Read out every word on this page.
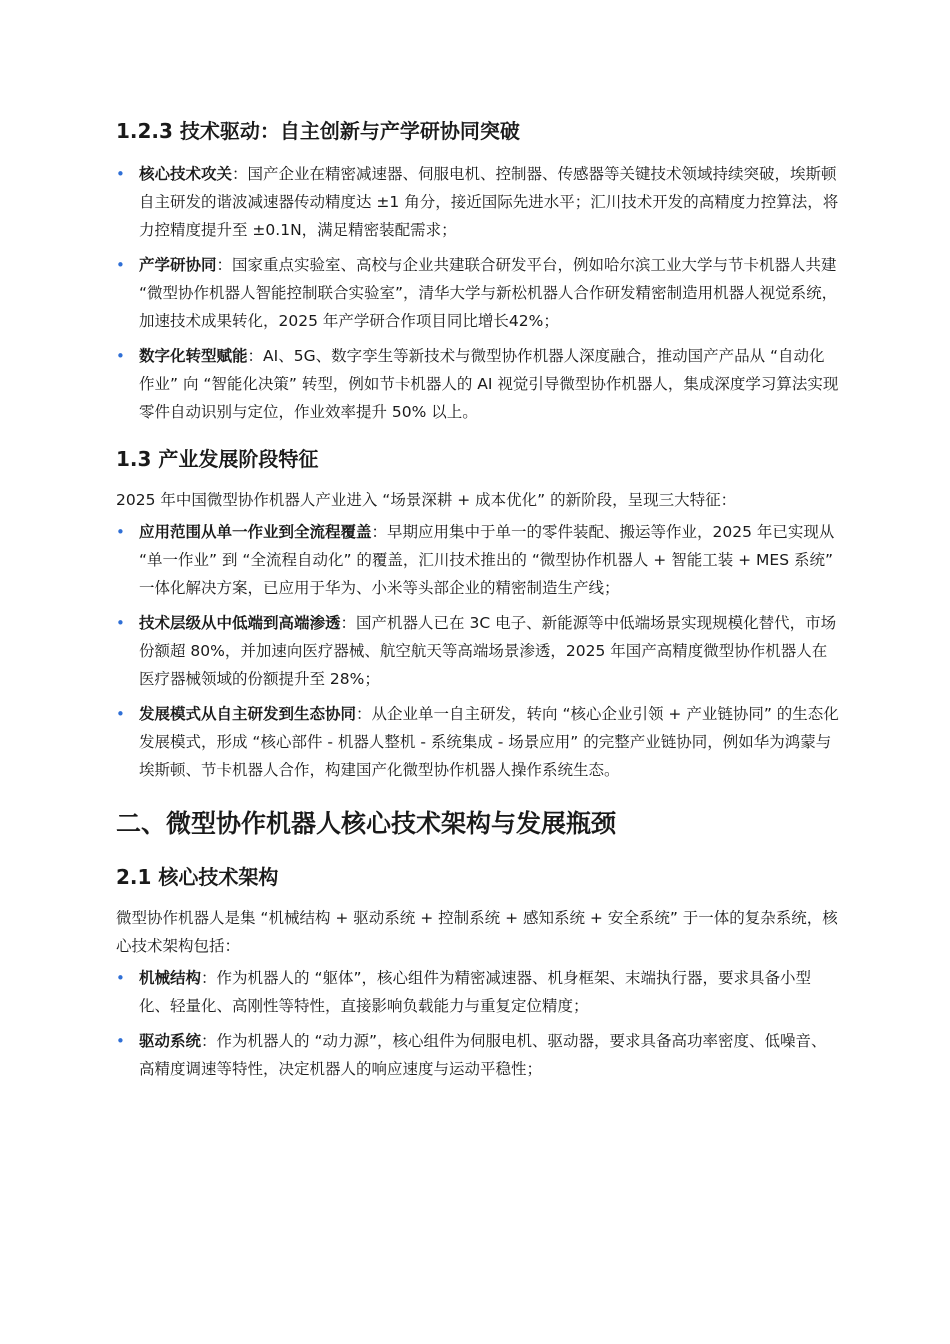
1.2.3 技术驱动：自主创新与产学研协同突破
• 核心技术攻关：国产企业在精密减速器、伺服电机、控制器、传感器等关键技术领域持续突破，埃斯顿自主研发的谐波减速器传动精度达 ±1 角分，接近国际先进水平；汇川技术开发的高精度力控算法，将力控精度提升至 ±0.1N，满足精密装配需求；
• 产学研协同：国家重点实验室、高校与企业共建联合研发平台，例如哈尔滨工业大学与节卡机器人共建 “微型协作机器人智能控制联合实验室”，清华大学与新松机器人合作研发精密制造用机器人视觉系统，加速技术成果转化，2025 年产学研合作项目同比增长42%；
• 数字化转型赋能：AI、5G、数字孪生等新技术与微型协作机器人深度融合，推动国产产品从 “自动化作业” 向 “智能化决策” 转型，例如节卡机器人的 AI 视觉引导微型协作机器人，集成深度学习算法实现零件自动识别与定位，作业效率提升 50% 以上。
1.3 产业发展阶段特征

2025 年中国微型协作机器人产业进入 “场景深耕 + 成本优化” 的新阶段，呈现三大特征：

• 应用范围从单一作业到全流程覆盖：早期应用集中于单一的零件装配、搬运等作业，2025 年已实现从 “单一作业” 到 “全流程自动化” 的覆盖，汇川技术推出的 “微型协作机器人 + 智能工装 + MES 系统” 一体化解决方案，已应用于华为、小米等头部企业的精密制造生产线；
• 技术层级从中低端到高端渗透：国产机器人已在 3C 电子、新能源等中低端场景实现规模化替代，市场份额超 80%，并加速向医疗器械、航空航天等高端场景渗透，2025 年国产高精度微型协作机器人在医疗器械领域的份额提升至 28%；
• 发展模式从自主研发到生态协同：从企业单一自主研发，转向 “核心企业引领 + 产业链协同” 的生态化发展模式，形成 “核心部件 - 机器人整机 - 系统集成 - 场景应用” 的完整产业链协同，例如华为鸿蒙与埃斯顿、节卡机器人合作，构建国产化微型协作机器人操作系统生态。
二、微型协作机器人核心技术架构与发展瓶颈
2.1 核心技术架构

微型协作机器人是集 “机械结构 + 驱动系统 + 控制系统 + 感知系统 + 安全系统” 于一体的复杂系统，核心技术架构包括：

• 机械结构：作为机器人的 “躯体”，核心组件为精密减速器、机身框架、末端执行器，要求具备小型化、轻量化、高刚性等特性，直接影响负载能力与重复定位精度；
• 驱动系统：作为机器人的 “动力源”，核心组件为伺服电机、驱动器，要求具备高功率密度、低噪音、高精度调速等特性，决定机器人的响应速度与运动平稳性；
